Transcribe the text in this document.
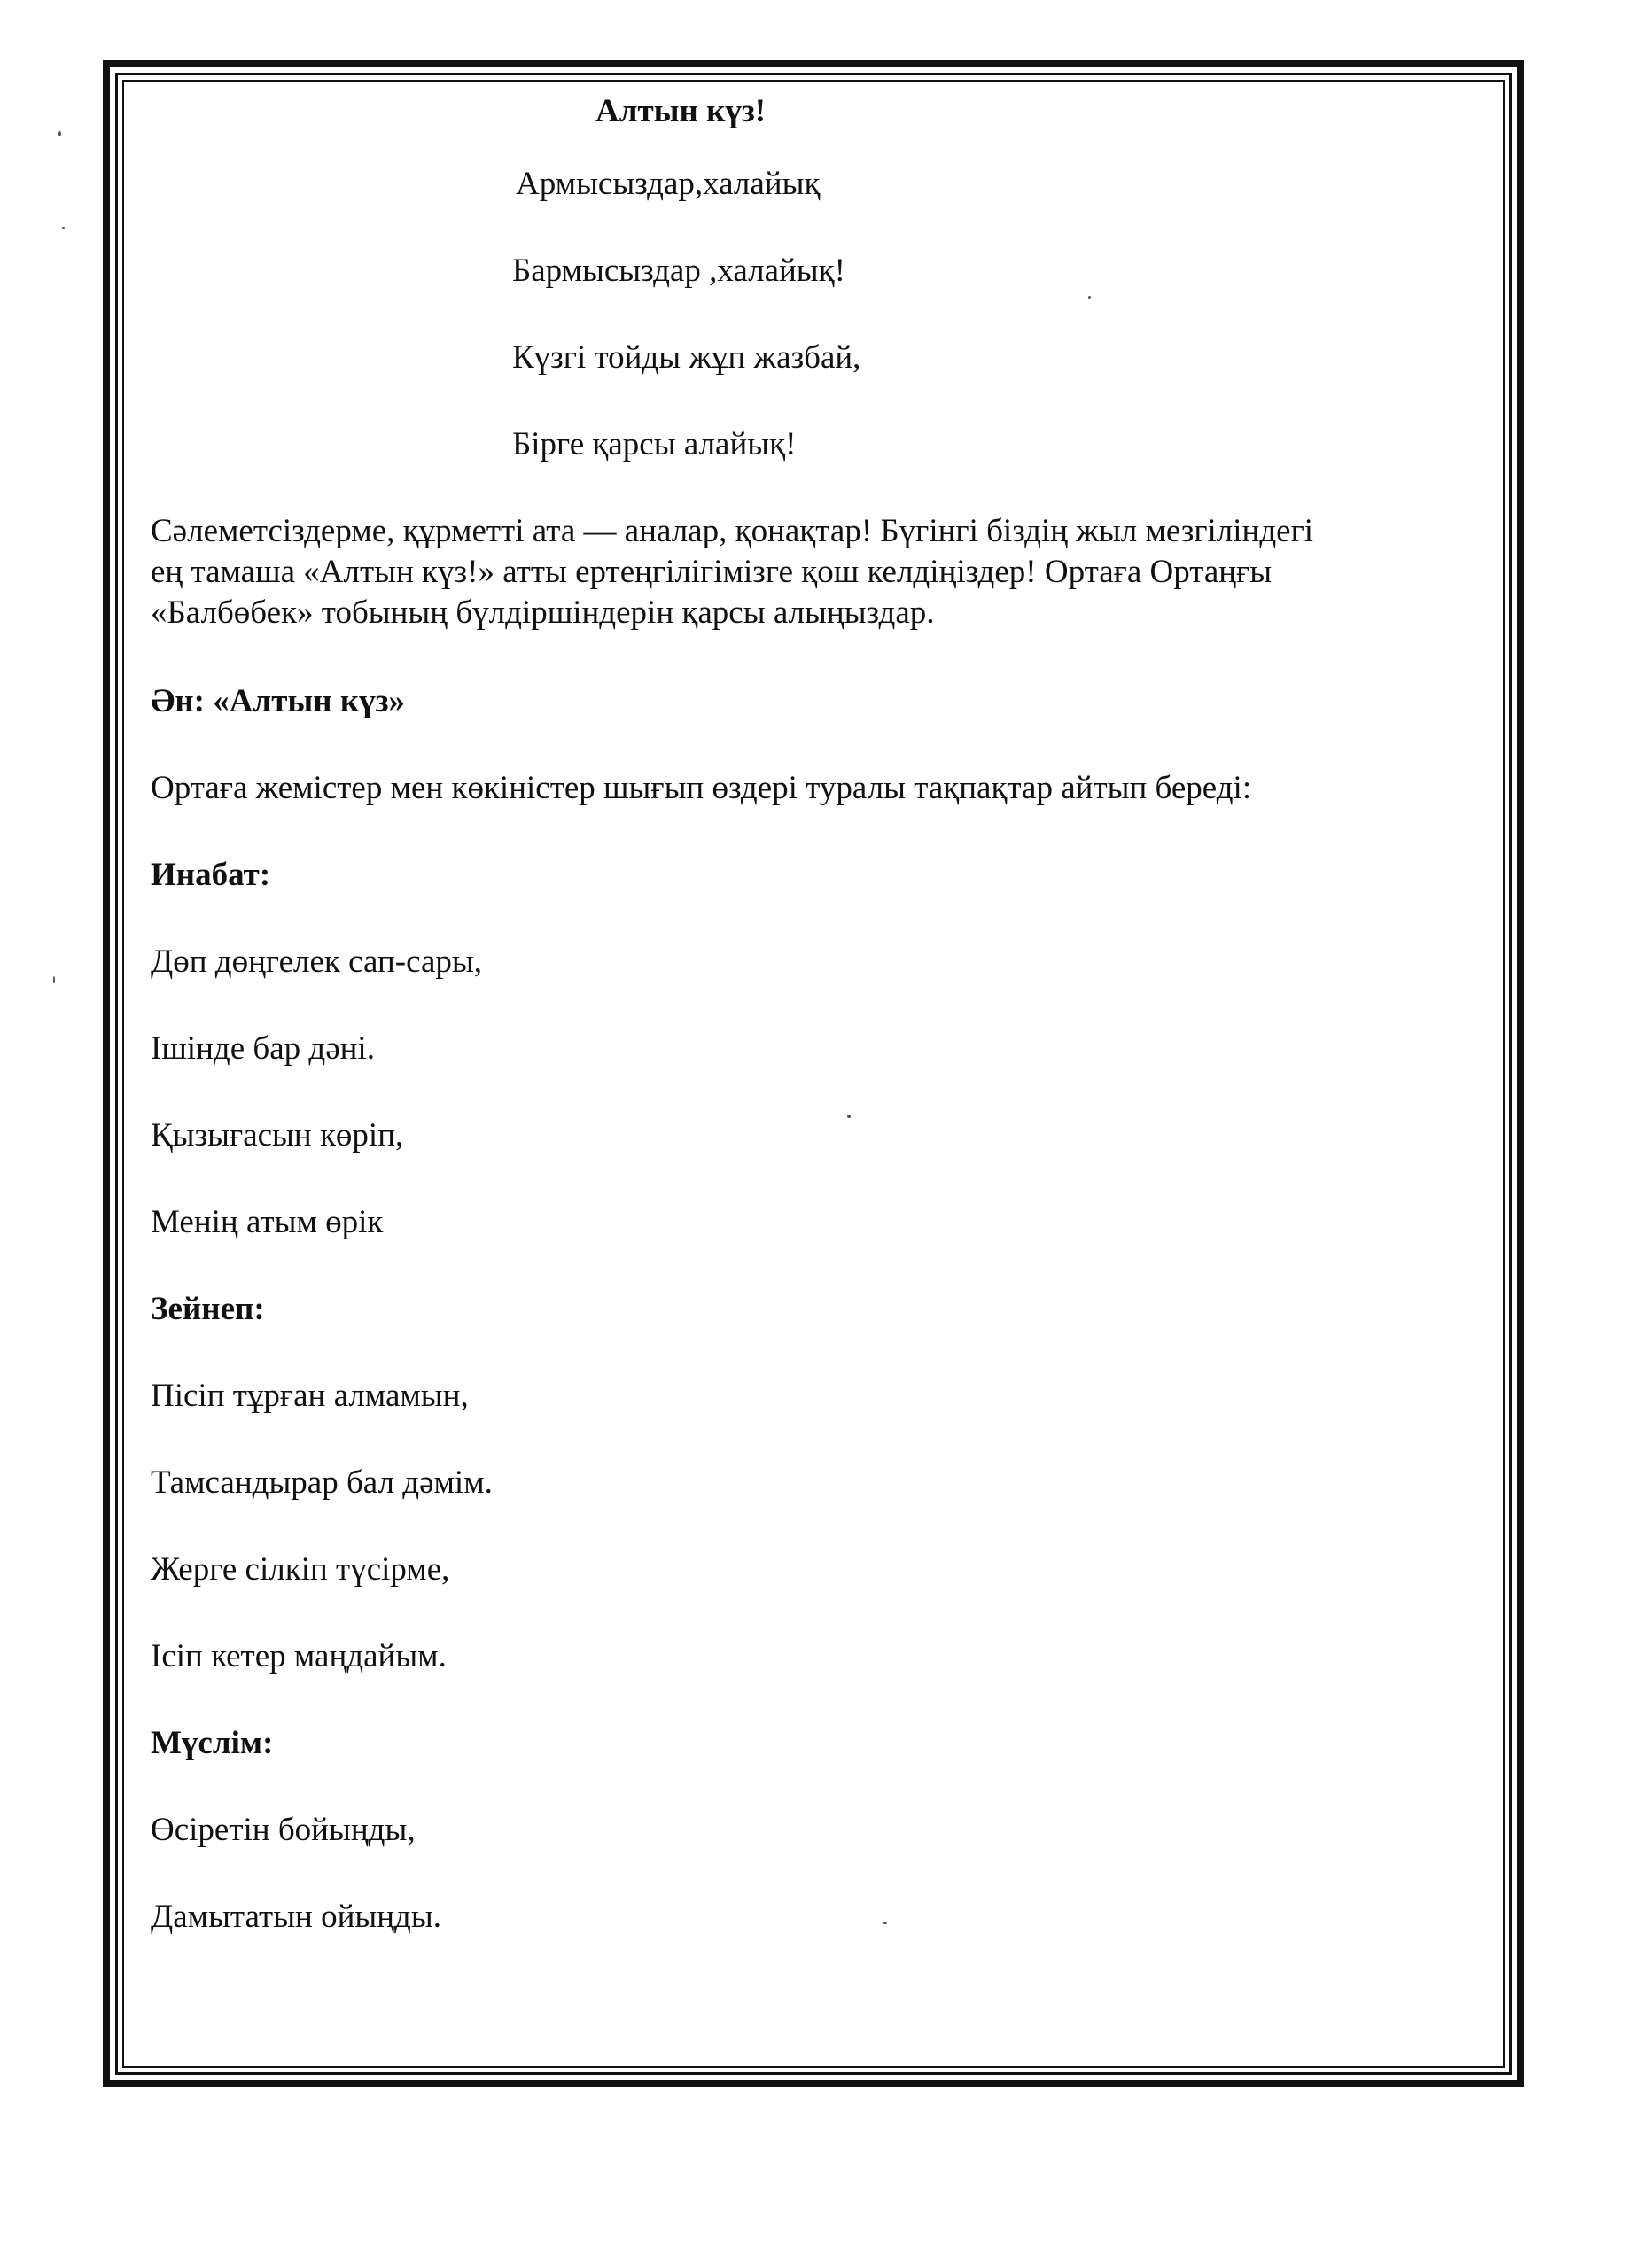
Алтын күз!

Армысыздар,халайық

Бармысыздар ,халайық!

Күзгі тойды жұп жазбай,

Бірге қарсы алайық!

Сәлеметсіздерме, құрметті ата — аналар, қонақтар! Бүгінгі біздің жыл мезгіліндегі

ең тамаша «Алтын күз!» атты ертеңгілігімізге қош келдіңіздер! Ортаға Ортаңғы

«Балбөбек» тобының бүлдіршіндерін қарсы алыңыздар.

Ән: «Алтын күз»

Ортаға жемістер мен көкіністер шығып өздері туралы тақпақтар айтып береді:

Инабат:

Дөп дөңгелек сап-сары,

Ішінде бар дәні.

Қызығасын көріп,

Менің атым өрік

Зейнеп:

Пісіп тұрған алмамын,

Тамсандырар бал дәмім.

Жерге сілкіп түсірме,

Ісіп кетер маңдайым.

Мүслім:

Өсіретін бойыңды,

Дамытатын ойыңды.
